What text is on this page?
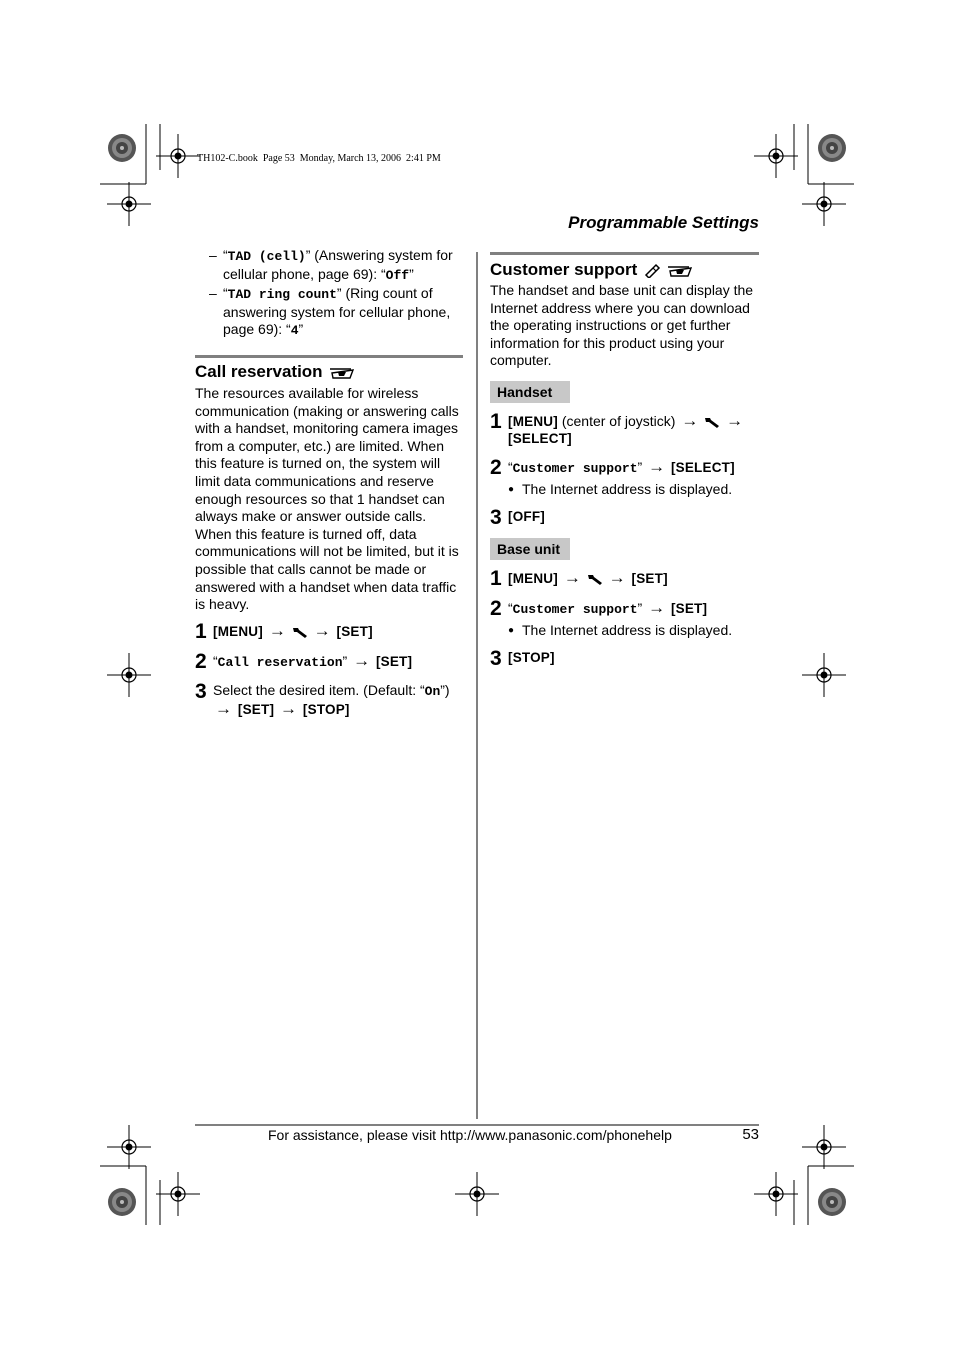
TH102-C.book  Page 53  Monday, March 13, 2006  2:41 PM
Programmable Settings
– “TAD (cell)” (Answering system for cellular phone, page 69): “Off”
– “TAD ring count” (Ring count of answering system for cellular phone, page 69): “4”
Call reservation
The resources available for wireless communication (making or answering calls with a handset, monitoring camera images from a computer, etc.) are limited. When this feature is turned on, the system will limit data communications and reserve enough resources so that 1 handset can always make or answer outside calls. When this feature is turned off, data communications will not be limited, but it is possible that calls cannot be made or answered with a handset when data traffic is heavy.
1 [MENU] → → [SET]
2 “Call reservation” → [SET]
3 Select the desired item. (Default: “On”)
→ [SET] → [STOP]
Customer support
The handset and base unit can display the Internet address where you can download the operating instructions or get further information for this product using your computer.
Handset
1 [MENU] (center of joystick) → →
[SELECT]
2 “Customer support” → [SELECT]
● The Internet address is displayed.
3 [OFF]
Base unit
1 [MENU] → → [SET]
2 “Customer support” → [SET]
● The Internet address is displayed.
3 [STOP]
For assistance, please visit http://www.panasonic.com/phonehelp	53
